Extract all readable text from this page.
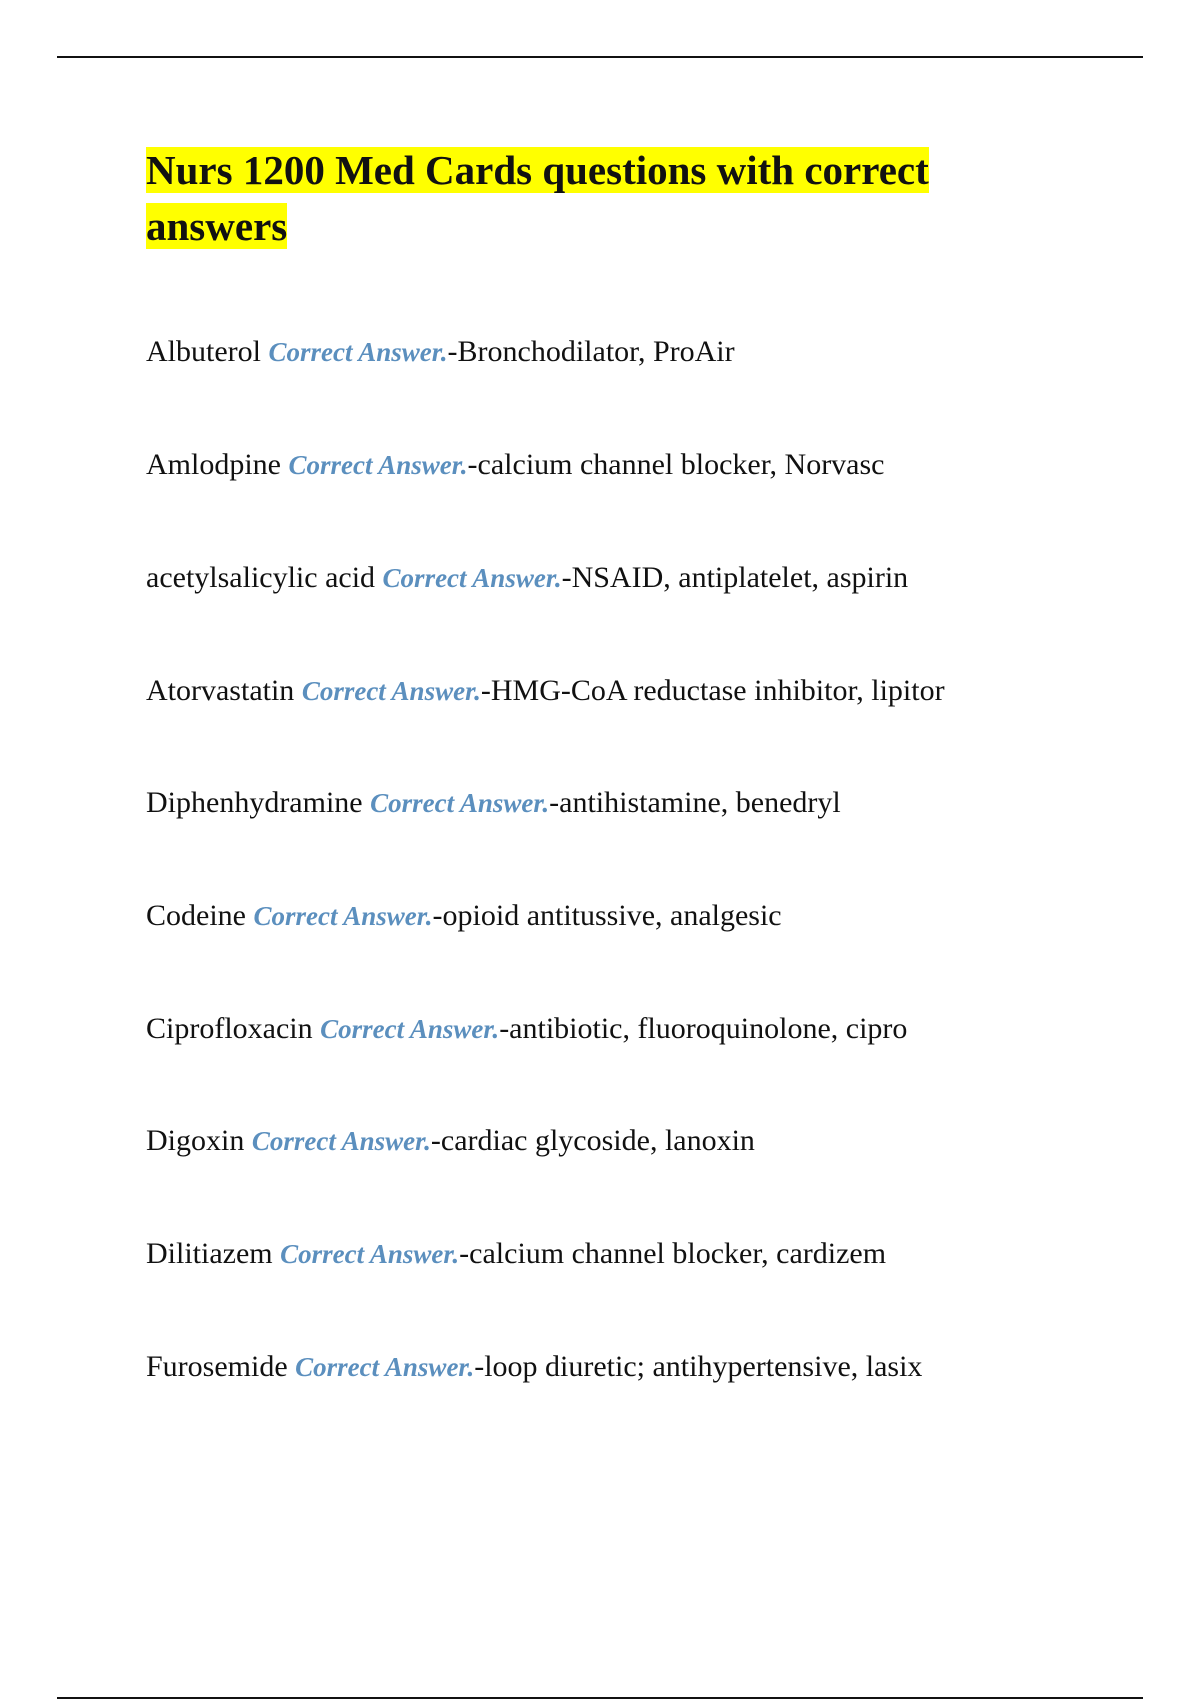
Nurs 1200 Med Cards questions with correct answers

Albuterol Correct Answer.-Bronchodilator, ProAir

Amlodpine Correct Answer.-calcium channel blocker, Norvasc

acetylsalicylic acid Correct Answer.-NSAID, antiplatelet, aspirin

Atorvastatin Correct Answer.-HMG-CoA reductase inhibitor, lipitor

Diphenhydramine Correct Answer.-antihistamine, benedryl

Codeine Correct Answer.-opioid antitussive, analgesic

Ciprofloxacin Correct Answer.-antibiotic, fluoroquinolone, cipro

Digoxin Correct Answer.-cardiac glycoside, lanoxin

Dilitiazem Correct Answer.-calcium channel blocker, cardizem

Furosemide Correct Answer.-loop diuretic; antihypertensive, lasix
